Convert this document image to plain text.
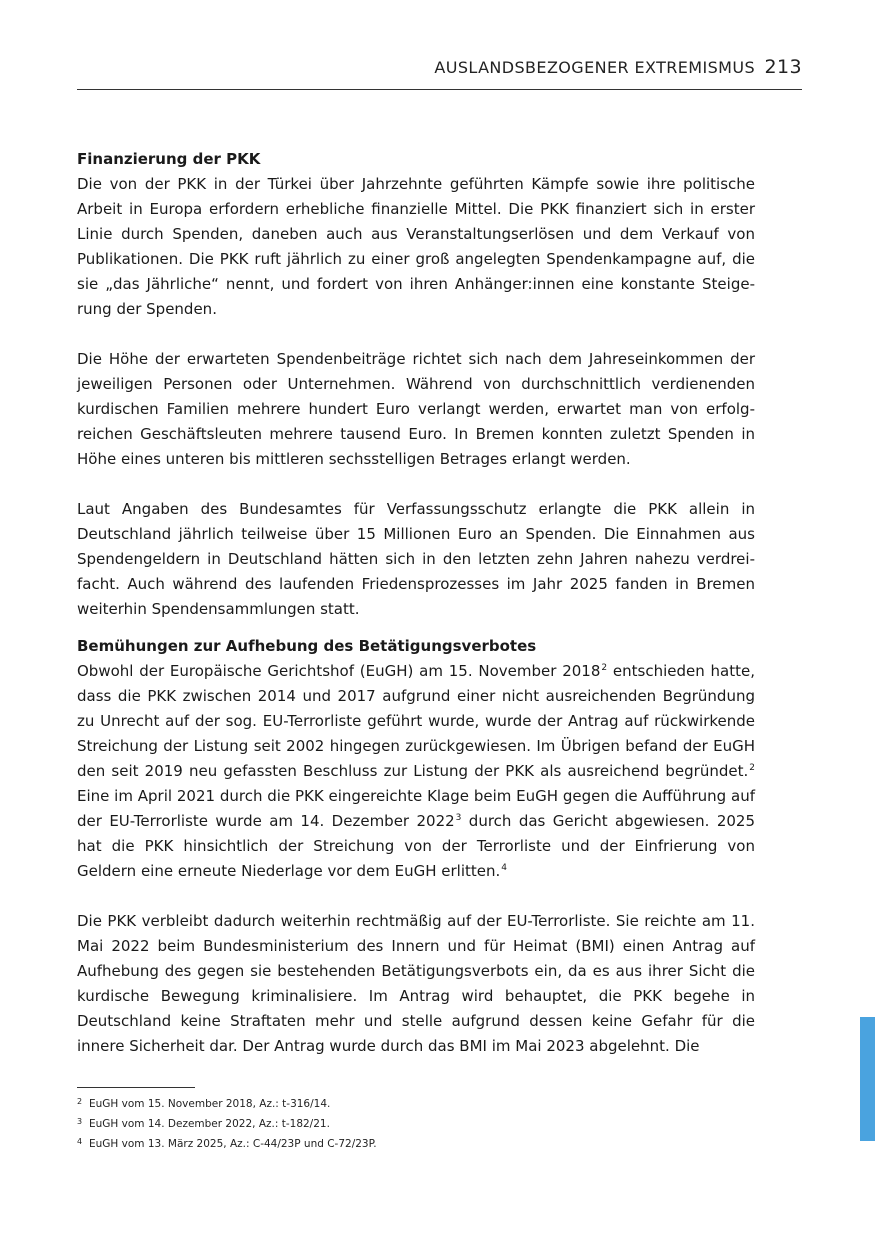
AUSLANDSBEZOGENER EXTREMISMUS 213
Finanzierung der PKK

Die von der PKK in der Türkei über Jahrzehnte geführten Kämpfe sowie ihre politische Arbeit in Europa erfordern erhebliche finanzielle Mittel. Die PKK finanziert sich in erster Linie durch Spenden, daneben auch aus Veranstaltungserlösen und dem Verkauf von Publikationen. Die PKK ruft jährlich zu einer groß angelegten Spendenkampagne auf, die sie „das Jährliche“ nennt, und fordert von ihren Anhänger:innen eine konstante Steigerung der Spenden.

Die Höhe der erwarteten Spendenbeiträge richtet sich nach dem Jahreseinkommen der jeweiligen Personen oder Unternehmen. Während von durchschnittlich verdienenden kurdischen Familien mehrere hundert Euro verlangt werden, erwartet man von erfolgreichen Geschäftsleuten mehrere tausend Euro. In Bremen konnten zuletzt Spenden in Höhe eines unteren bis mittleren sechsstelligen Betrages erlangt werden.

Laut Angaben des Bundesamtes für Verfassungsschutz erlangte die PKK allein in Deutschland jährlich teilweise über 15 Millionen Euro an Spenden. Die Einnahmen aus Spendengeldern in Deutschland hätten sich in den letzten zehn Jahren nahezu verdreifacht. Auch während des laufenden Friedensprozesses im Jahr 2025 fanden in Bremen weiterhin Spendensammlungen statt.

Bemühungen zur Aufhebung des Betätigungsverbotes

Obwohl der Europäische Gerichtshof (EuGH) am 15. November 2018$^2$ entschieden hatte, dass die PKK zwischen 2014 und 2017 aufgrund einer nicht ausreichenden Begründung zu Unrecht auf der sog. EU-Terrorliste geführt wurde, wurde der Antrag auf rückwirkende Streichung der Listung seit 2002 hingegen zurückgewiesen. Im Übrigen befand der EuGH den seit 2019 neu gefassten Beschluss zur Listung der PKK als ausreichend begründet.$^2$ Eine im April 2021 durch die PKK eingereichte Klage beim EuGH gegen die Aufführung auf der EU-Terrorliste wurde am 14. Dezember 2022$^3$ durch das Gericht abgewiesen. 2025 hat die PKK hinsichtlich der Streichung von der Terrorliste und der Einfrierung von Geldern eine erneute Niederlage vor dem EuGH erlitten.$^4$

Die PKK verbleibt dadurch weiterhin rechtmäßig auf der EU-Terrorliste. Sie reichte am 11. Mai 2022 beim Bundesministerium des Innern und für Heimat (BMI) einen Antrag auf Aufhebung des gegen sie bestehenden Betätigungsverbots ein, da es aus ihrer Sicht die kurdische Bewegung kriminalisiere. Im Antrag wird behauptet, die PKK begehe in Deutschland keine Straftaten mehr und stelle aufgrund dessen keine Gefahr für die innere Sicherheit dar. Der Antrag wurde durch das BMI im Mai 2023 abgelehnt. Die

2 EuGH vom 15. November 2018, Az.: t-316/14.
3 EuGH vom 14. Dezember 2022, Az.: t-182/21.
4 EuGH vom 13. März 2025, Az.: C-44/23P und C-72/23P.
